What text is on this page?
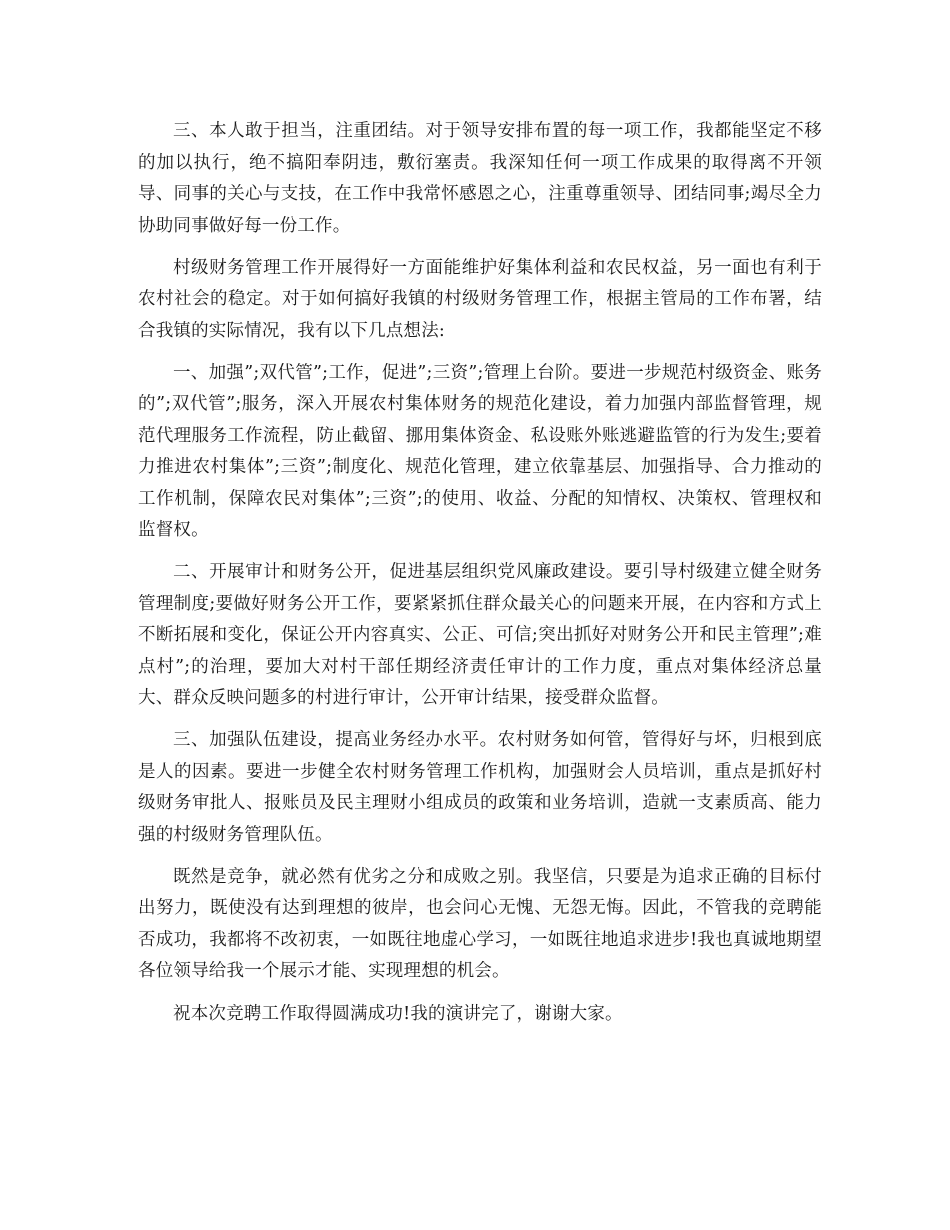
三、本人敢于担当，注重团结。对于领导安排布置的每一项工作，我都能坚定不移的加以执行，绝不搞阳奉阴违，敷衍塞责。我深知任何一项工作成果的取得离不开领导、同事的关心与支技，在工作中我常怀感恩之心，注重尊重领导、团结同事;竭尽全力协助同事做好每一份工作。

村级财务管理工作开展得好一方面能维护好集体利益和农民权益，另一面也有利于农村社会的稳定。对于如何搞好我镇的村级财务管理工作，根据主管局的工作布署，结合我镇的实际情况，我有以下几点想法:

一、加强”;双代管”;工作，促进”;三资”;管理上台阶。要进一步规范村级资金、账务的”;双代管”;服务，深入开展农村集体财务的规范化建设，着力加强内部监督管理，规范代理服务工作流程，防止截留、挪用集体资金、私设账外账逃避监管的行为发生;要着力推进农村集体”;三资”;制度化、规范化管理，建立依靠基层、加强指导、合力推动的工作机制，保障农民对集体”;三资”;的使用、收益、分配的知情权、决策权、管理权和监督权。

二、开展审计和财务公开，促进基层组织党风廉政建设。要引导村级建立健全财务管理制度;要做好财务公开工作，要紧紧抓住群众最关心的问题来开展，在内容和方式上不断拓展和变化，保证公开内容真实、公正、可信;突出抓好对财务公开和民主管理”;难点村”;的治理，要加大对村干部任期经济责任审计的工作力度，重点对集体经济总量大、群众反映问题多的村进行审计，公开审计结果，接受群众监督。

三、加强队伍建设，提高业务经办水平。农村财务如何管，管得好与坏，归根到底是人的因素。要进一步健全农村财务管理工作机构，加强财会人员培训，重点是抓好村级财务审批人、报账员及民主理财小组成员的政策和业务培训，造就一支素质高、能力强的村级财务管理队伍。

既然是竞争，就必然有优劣之分和成败之别。我坚信，只要是为追求正确的目标付出努力，既使没有达到理想的彼岸，也会问心无愧、无怨无悔。因此，不管我的竞聘能否成功，我都将不改初衷，一如既往地虚心学习，一如既往地追求进步!我也真诚地期望各位领导给我一个展示才能、实现理想的机会。

祝本次竞聘工作取得圆满成功!我的演讲完了，谢谢大家。
